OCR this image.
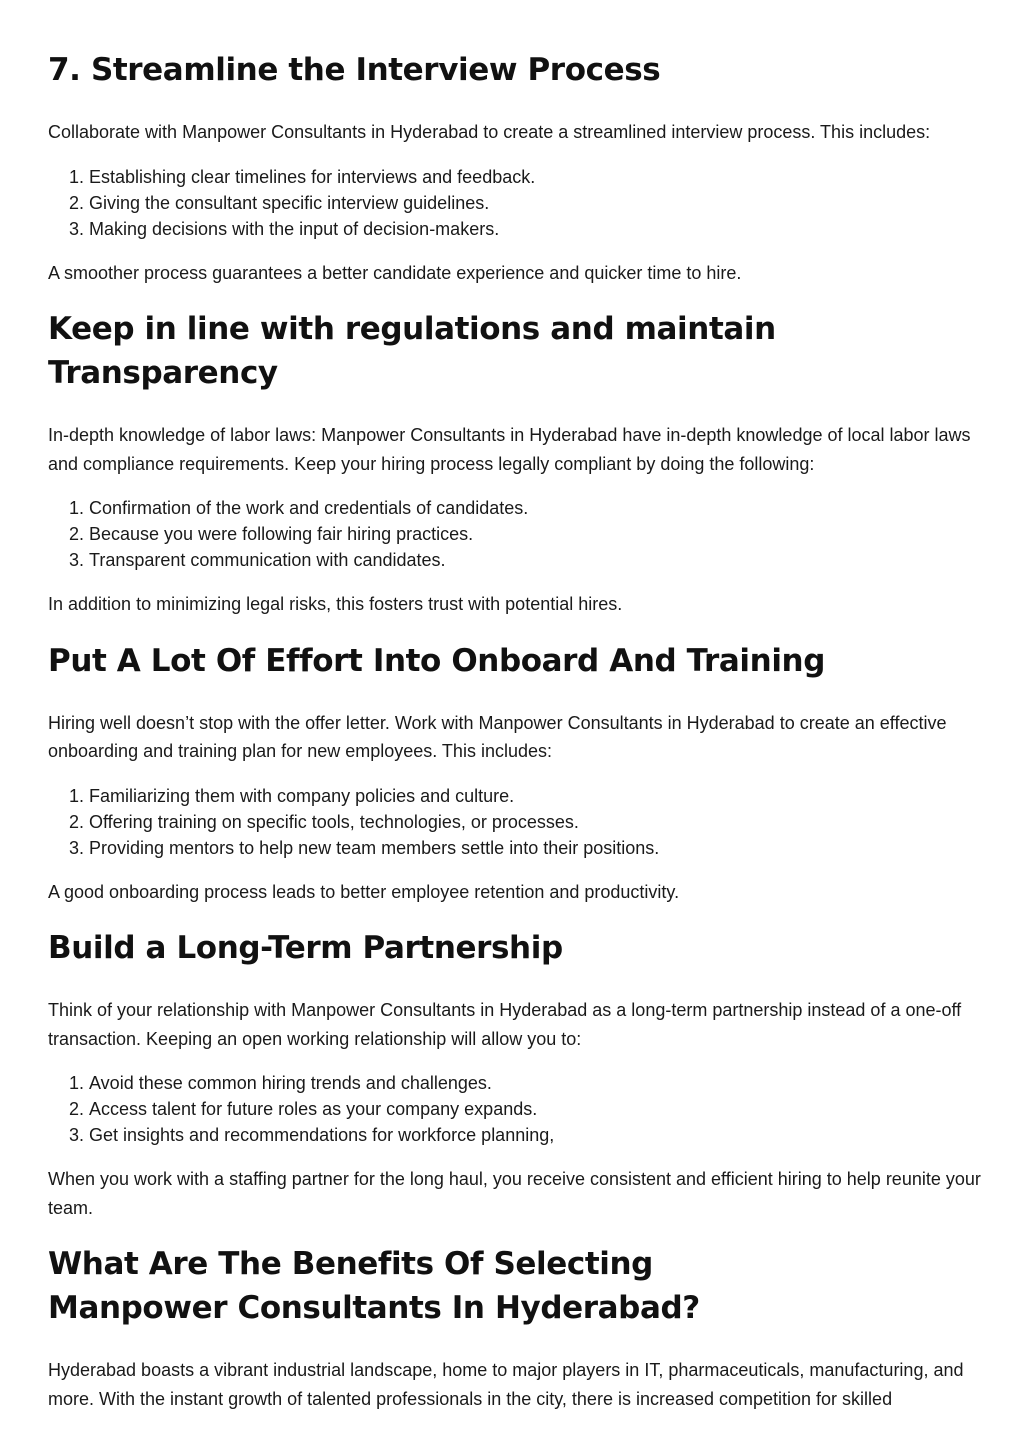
7. Streamline the Interview Process

Collaborate with Manpower Consultants in Hyderabad to create a streamlined interview process. This includes:

1. Establishing clear timelines for interviews and feedback.
2. Giving the consultant specific interview guidelines.
3. Making decisions with the input of decision-makers.

A smoother process guarantees a better candidate experience and quicker time to hire.

Keep in line with regulations and maintain Transparency

In-depth knowledge of labor laws: Manpower Consultants in Hyderabad have in-depth knowledge of local labor laws and compliance requirements. Keep your hiring process legally compliant by doing the following:

1. Confirmation of the work and credentials of candidates.
2. Because you were following fair hiring practices.
3. Transparent communication with candidates.

In addition to minimizing legal risks, this fosters trust with potential hires.

Put A Lot Of Effort Into Onboard And Training

Hiring well doesn’t stop with the offer letter. Work with Manpower Consultants in Hyderabad to create an effective onboarding and training plan for new employees. This includes:

1. Familiarizing them with company policies and culture.
2. Offering training on specific tools, technologies, or processes.
3. Providing mentors to help new team members settle into their positions.

A good onboarding process leads to better employee retention and productivity.

Build a Long-Term Partnership

Think of your relationship with Manpower Consultants in Hyderabad as a long-term partnership instead of a one-off transaction. Keeping an open working relationship will allow you to:

1. Avoid these common hiring trends and challenges.
2. Access talent for future roles as your company expands.
3. Get insights and recommendations for workforce planning,

When you work with a staffing partner for the long haul, you receive consistent and efficient hiring to help reunite your team.

What Are The Benefits Of Selecting Manpower Consultants In Hyderabad?

Hyderabad boasts a vibrant industrial landscape, home to major players in IT, pharmaceuticals, manufacturing, and more. With the instant growth of talented professionals in the city, there is increased competition for skilled
